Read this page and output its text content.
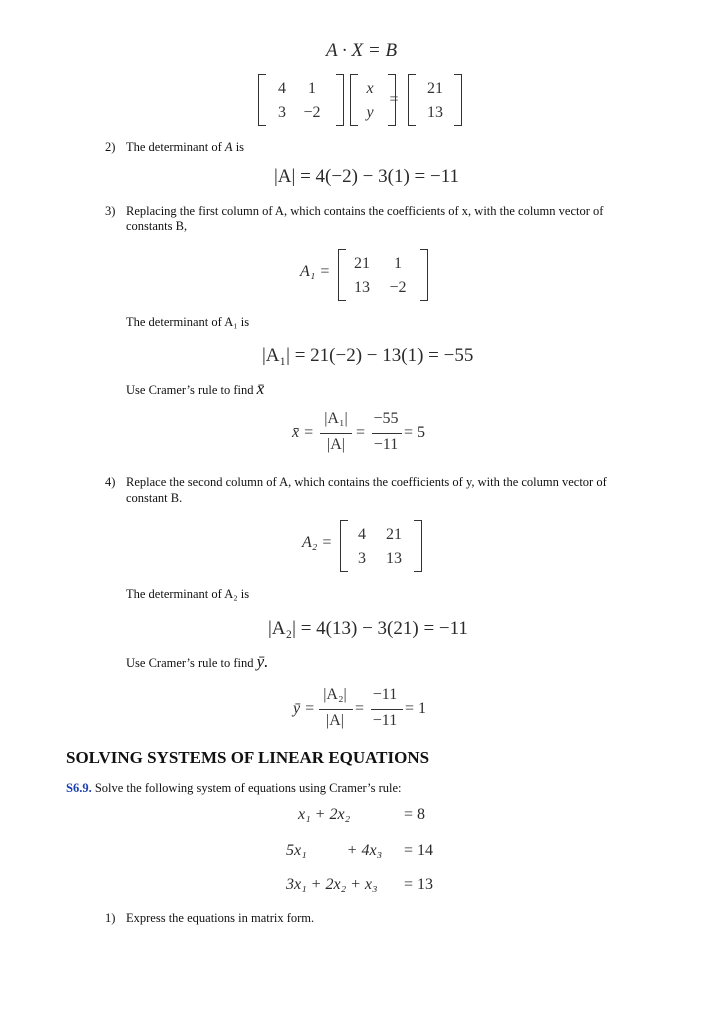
A · X = B
4	1
3	−2
x
y
=
21
13
2) The determinant of A is
|A| = 4(−2) − 3(1) = −11
3) Replacing the first column of A, which contains the coefficients of x, with the column vector of
constants B,
A₁ =	21	1
13	−2
The determinant of A₁ is
|A₁| = 21(−2) − 13(1) = −55
Use Cramer’s rule to find x̄
x̄ =
|A₁|
|A|
=
−55
−11
= 5
4) Replace the second column of A, which contains the coefficients of y, with the column vector of
constant B.
A₂ =	4	21
3	13
The determinant of A₂ is
|A₂| = 4(13) − 3(21) = −11
Use Cramer’s rule to find ȳ.
ȳ =
|A₂|
|A|
=
−11
−11
= 1
SOLVING SYSTEMS OF LINEAR EQUATIONS
S6.9. Solve the following system of equations using Cramer’s rule:
x₁ + 2x₂	= 8
5x₁          + 4x₃ = 14
3x₁ + 2x₂ + x₃ = 13
1) Express the equations in matrix form.
